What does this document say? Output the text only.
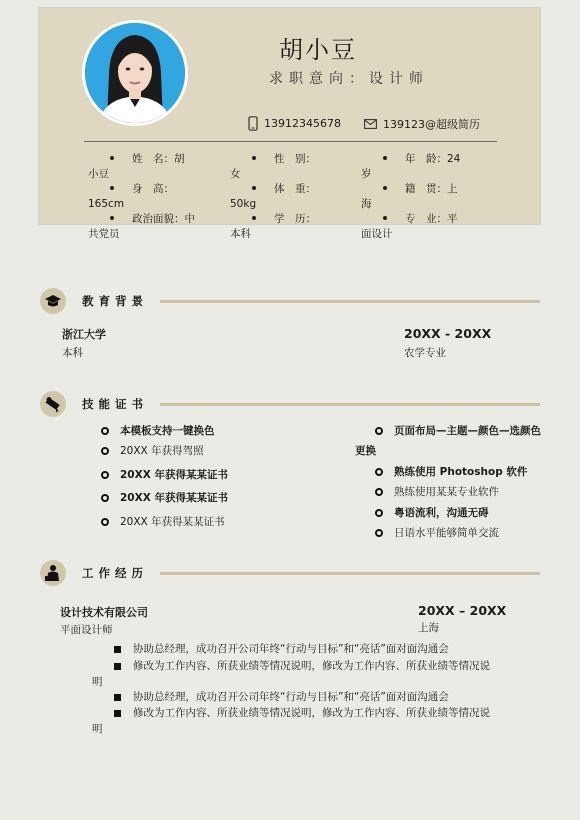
胡小豆
求职意向：设计师
13912345678	139123@超级简历
姓　名：胡
小豆
性　别：
女
年　龄：24
岁
身　高：
165cm
体　重：
50kg
籍　贯：上
海
政治面貌：中
共党员
学　历：
本科
专　业：平
面设计
教育背景
浙江大学
本科
20XX - 20XX
农学专业
技能证书
本模板支持一键换色
20XX 年获得驾照
20XX 年获得某某证书
20XX 年获得某某证书
20XX 年获得某某证书
页面布局—主题—颜色—选颜色
更换
熟练使用 Photoshop 软件
熟练使用某某专业软件
粤语流利，沟通无碍
日语水平能够简单交流
工作经历
设计技术有限公司
平面设计师
20XX – 20XX
上海
协助总经理，成功召开公司年终“行动与目标”和“亮话”面对面沟通会
修改为工作内容、所获业绩等情况说明，修改为工作内容、所获业绩等情况说
明
协助总经理，成功召开公司年终“行动与目标”和“亮话”面对面沟通会
修改为工作内容、所获业绩等情况说明，修改为工作内容、所获业绩等情况说
明
